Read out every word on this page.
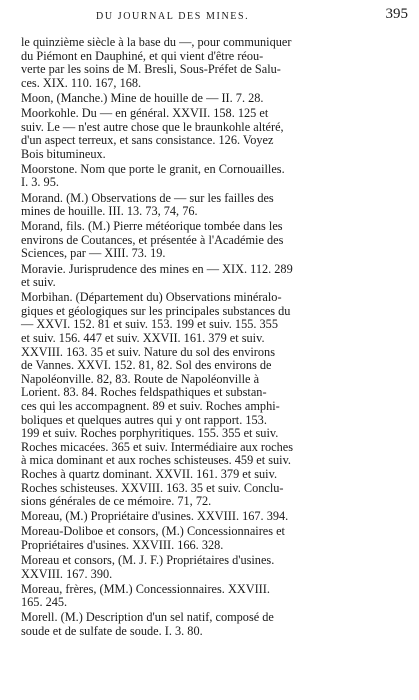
DU JOURNAL DES MINES.	395
le quinzième siècle à la base du —, pour communiquer
du Piémont en Dauphiné, et qui vient d'être réou-
verte par les soins de M. Bresli, Sous-Préfet de Salu-
ces. XIX. 110. 167, 168.
Moon, (Manche.) Mine de houille de — II. 7. 28.
Moorkohle. Du — en général. XXVII. 158. 125 et
suiv. Le — n'est autre chose que le braunkohle altéré,
d'un aspect terreux, et sans consistance. 126. Voyez
Bois bitumineux.
Moorstone. Nom que porte le granit, en Cornouailles.
I. 3. 95.
Morand. (M.) Observations de — sur les failles des
mines de houille. III. 13. 73, 74, 76.
Morand, fils. (M.) Pierre météorique tombée dans les
environs de Coutances, et présentée à l'Académie des
Sciences, par — XIII. 73. 19.
Moravie. Jurisprudence des mines en — XIX. 112. 289
et suiv.
Morbihan. (Département du) Observations minéralo-
giques et géologiques sur les principales substances du
— XXVI. 152. 81 et suiv. 153. 199 et suiv. 155. 355
et suiv. 156. 447 et suiv. XXVII. 161. 379 et suiv.
XXVIII. 163. 35 et suiv. Nature du sol des environs
de Vannes. XXVI. 152. 81, 82. Sol des environs de
Napoléonville. 82, 83. Route de Napoléonville à
Lorient. 83. 84. Roches feldspathiques et substan-
ces qui les accompagnent. 89 et suiv. Roches amphi-
boliques et quelques autres qui y ont rapport. 153.
199 et suiv. Roches porphyritiques. 155. 355 et suiv.
Roches micacées. 365 et suiv. Intermédiaire aux roches
à mica dominant et aux roches schisteuses. 459 et suiv.
Roches à quartz dominant. XXVII. 161. 379 et suiv.
Roches schisteuses. XXVIII. 163. 35 et suiv. Conclu-
sions générales de ce mémoire. 71, 72.
Moreau, (M.) Propriétaire d'usines. XXVIII. 167. 394.
Moreau-Doliboe et consors, (M.) Concessionnaires et
Propriétaires d'usines. XXVIII. 166. 328.
Moreau et consors, (M. J. F.) Propriétaires d'usines.
XXVIII. 167. 390.
Moreau, frères, (MM.) Concessionnaires. XXVIII.
165. 245.
Morell. (M.) Description d'un sel natif, composé de
soude et de sulfate de soude. I. 3. 80.
